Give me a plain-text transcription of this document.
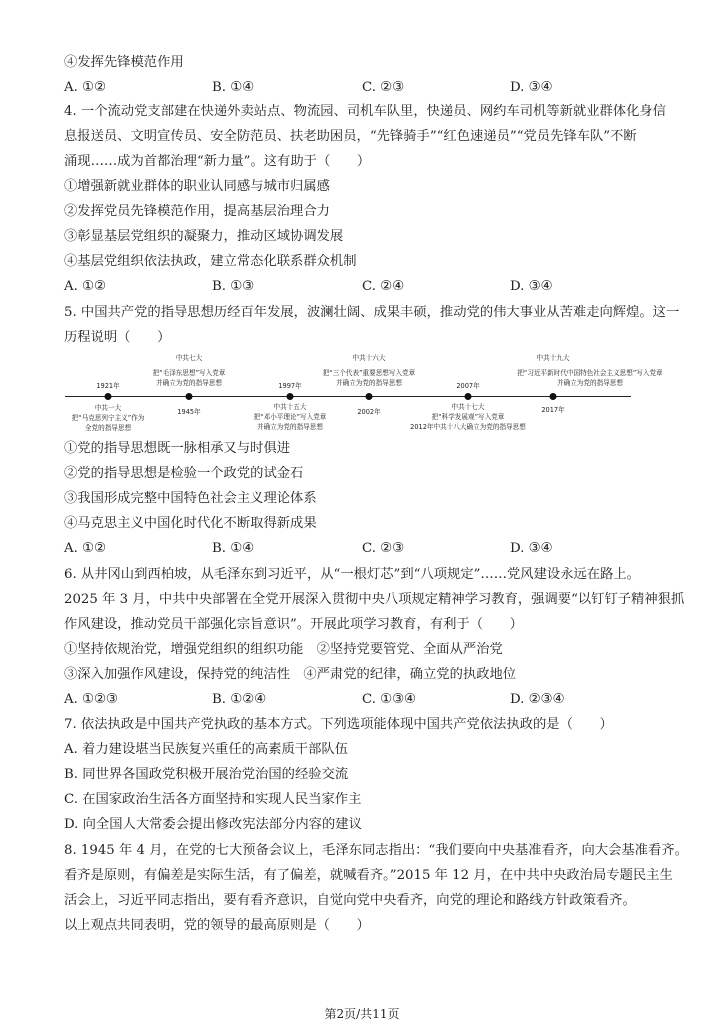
④发挥先锋模范作用
A. ①②	B. ①④	C. ②③	D. ③④
4. 一个流动党支部建在快递外卖站点、物流园、司机车队里，快递员、网约车司机等新就业群体化身信
息报送员、文明宣传员、安全防范员、扶老助困员，“先锋骑手”“红色速递员”“党员先锋车队”不断
涌现……成为首都治理“新力量”。这有助于（　　）
①增强新就业群体的职业认同感与城市归属感
②发挥党员先锋模范作用，提高基层治理合力
③彰显基层党组织的凝聚力，推动区域协调发展
④基层党组织依法执政，建立常态化联系群众机制
A. ①②	B. ①③	C. ②④	D. ③④
5. 中国共产党的指导思想历经百年发展，波澜壮阔、成果丰硕，推动党的伟大事业从苦难走向辉煌。这一
历程说明（　　）
1921年
中共一大
把“马克思列宁主义”作为
全党的指导思想
中共七大
把“毛泽东思想”写入党章
并确立为党的指导思想
1945年
1997年
中共十五大
把“邓小平理论”写入党章
并确立为党的指导思想
中共十六大
把“三个代表”重要思想写入党章
并确立为党的指导思想
2002年
2007年
中共十七大
把“科学发展观”写入党章
2012年中共十八大确立为党的指导思想
中共十九大
把“习近平新时代中国特色社会主义思想”写入党章
并确立为党的指导思想
2017年
①党的指导思想既一脉相承又与时俱进
②党的指导思想是检验一个政党的试金石
③我国形成完整中国特色社会主义理论体系
④马克思主义中国化时代化不断取得新成果
A. ①②	B. ①④	C. ②③	D. ③④
6. 从井冈山到西柏坡，从毛泽东到习近平，从“一根灯芯”到“八项规定”……党风建设永远在路上。
2025 年 3 月，中共中央部署在全党开展深入贯彻中央八项规定精神学习教育，强调要“以钉钉子精神狠抓
作风建设，推动党员干部强化宗旨意识”。开展此项学习教育，有利于（　　）
①坚持依规治党，增强党组织的组织功能　②坚持党要管党、全面从严治党
③深入加强作风建设，保持党的纯洁性　④严肃党的纪律，确立党的执政地位
A. ①②③	B. ①②④	C. ①③④	D. ②③④
7. 依法执政是中国共产党执政的基本方式。下列选项能体现中国共产党依法执政的是（　　）
A. 着力建设堪当民族复兴重任的高素质干部队伍
B. 同世界各国政党积极开展治党治国的经验交流
C. 在国家政治生活各方面坚持和实现人民当家作主
D. 向全国人大常委会提出修改宪法部分内容的建议
8. 1945 年 4 月，在党的七大预备会议上，毛泽东同志指出：“我们要向中央基准看齐，向大会基准看齐。
看齐是原则，有偏差是实际生活，有了偏差，就喊看齐。”2015 年 12 月，在中共中央政治局专题民主生
活会上，习近平同志指出，要有看齐意识，自觉向党中央看齐，向党的理论和路线方针政策看齐。
以上观点共同表明，党的领导的最高原则是（　　）
第2页/共11页
